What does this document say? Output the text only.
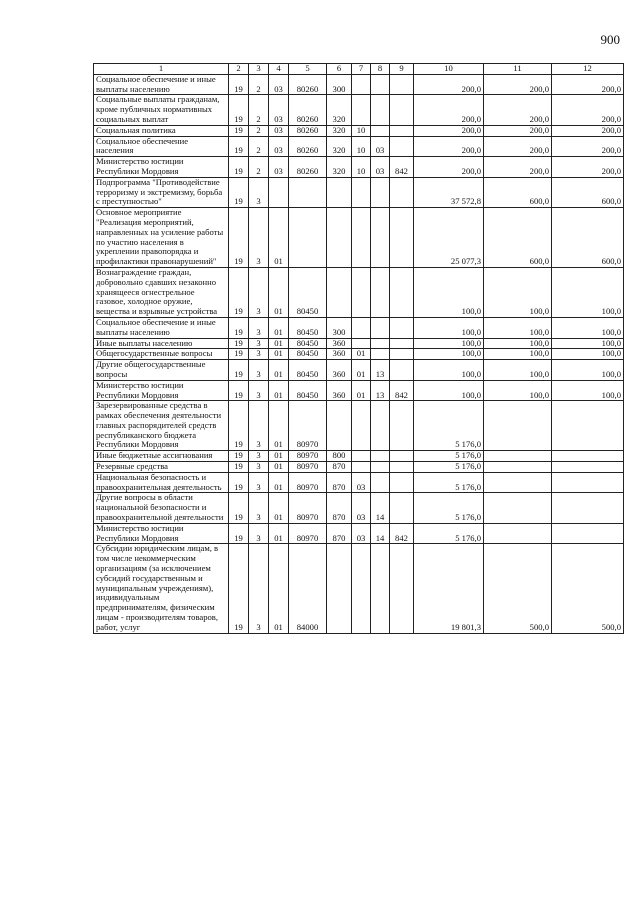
900
1	2	3	4	5	6	7	8	9	10	11	12
Социальное обеспечение и иные выплаты населению	19	2	03	80260	300				200,0	200,0	200,0
Социальные выплаты гражданам, кроме публичных нормативных социальных выплат	19	2	03	80260	320				200,0	200,0	200,0
Социальная политика	19	2	03	80260	320	10			200,0	200,0	200,0
Социальное обеспечение населения	19	2	03	80260	320	10	03		200,0	200,0	200,0
Министерство юстиции Республики Мордовия	19	2	03	80260	320	10	03	842	200,0	200,0	200,0
Подпрограмма "Противодействие терроризму и экстремизму, борьба с преступностью"	19	3							37 572,8	600,0	600,0
Основное мероприятие "Реализация мероприятий, направленных на усиление работы по участию населения в укреплении правопорядка и профилактики правонарушений"	19	3	01						25 077,3	600,0	600,0
Вознаграждение граждан, добровольно сдавших незаконно хранящееся огнестрельное газовое, холодное оружие, вещества и взрывные устройства	19	3	01	80450					100,0	100,0	100,0
Социальное обеспечение и иные выплаты населению	19	3	01	80450	300				100,0	100,0	100,0
Иные выплаты населению	19	3	01	80450	360				100,0	100,0	100,0
Общегосударственные вопросы	19	3	01	80450	360	01			100,0	100,0	100,0
Другие общегосударственные вопросы	19	3	01	80450	360	01	13		100,0	100,0	100,0
Министерство юстиции Республики Мордовия	19	3	01	80450	360	01	13	842	100,0	100,0	100,0
Зарезервированные средства в рамках обеспечения деятельности главных распорядителей средств республиканского бюджета Республики Мордовия	19	3	01	80970					5 176,0		
Иные бюджетные ассигнования	19	3	01	80970	800				5 176,0		
Резервные средства	19	3	01	80970	870				5 176,0		
Национальная безопасность и правоохранительная деятельность	19	3	01	80970	870	03			5 176,0		
Другие вопросы в области национальной безопасности и правоохранительной деятельности	19	3	01	80970	870	03	14		5 176,0		
Министерство юстиции Республики Мордовия	19	3	01	80970	870	03	14	842	5 176,0		
Субсидии юридическим лицам, в том числе некоммерческим организациям (за исключением субсидий государственным и муниципальным учреждениям), индивидуальным предпринимателям, физическим лицам - производителям товаров, работ, услуг	19	3	01	84000					19 801,3	500,0	500,0
